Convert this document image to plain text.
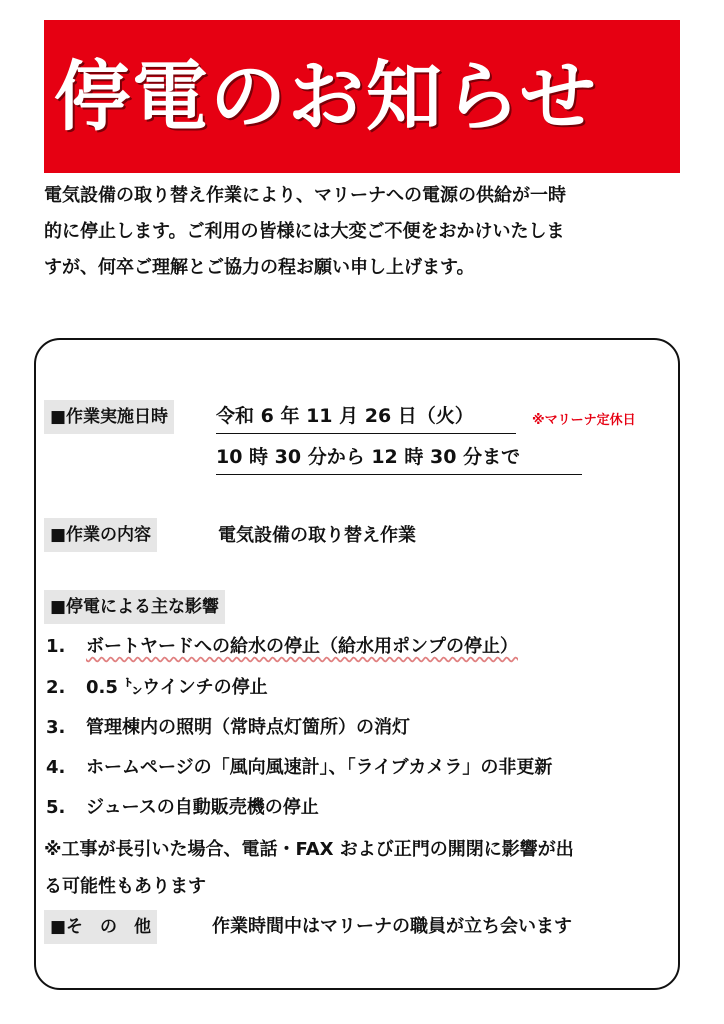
停電のお知らせ
電気設備の取り替え作業により、マリーナへの電源の供給が一時
的に停止します。ご利用の皆様には大変ご不便をおかけいたしま
すが、何卒ご理解とご協力の程お願い申し上げます。
■作業実施日時	令和 6 年 11 月 26 日（火）	※マリーナ定休日
10 時 30 分から 12 時 30 分まで
■作業の内容	電気設備の取り替え作業
■停電による主な影響
1. ボートヤードへの給水の停止（給水用ポンプの停止）
2. 0.5 ㌧ウインチの停止
3. 管理棟内の照明（常時点灯箇所）の消灯
4. ホームページの「風向風速計」、「ライブカメラ」の非更新
5. ジュースの自動販売機の停止
※工事が長引いた場合、電話・FAX および正門の開閉に影響が出
る可能性もあります
■そ　の　他	作業時間中はマリーナの職員が立ち会います
